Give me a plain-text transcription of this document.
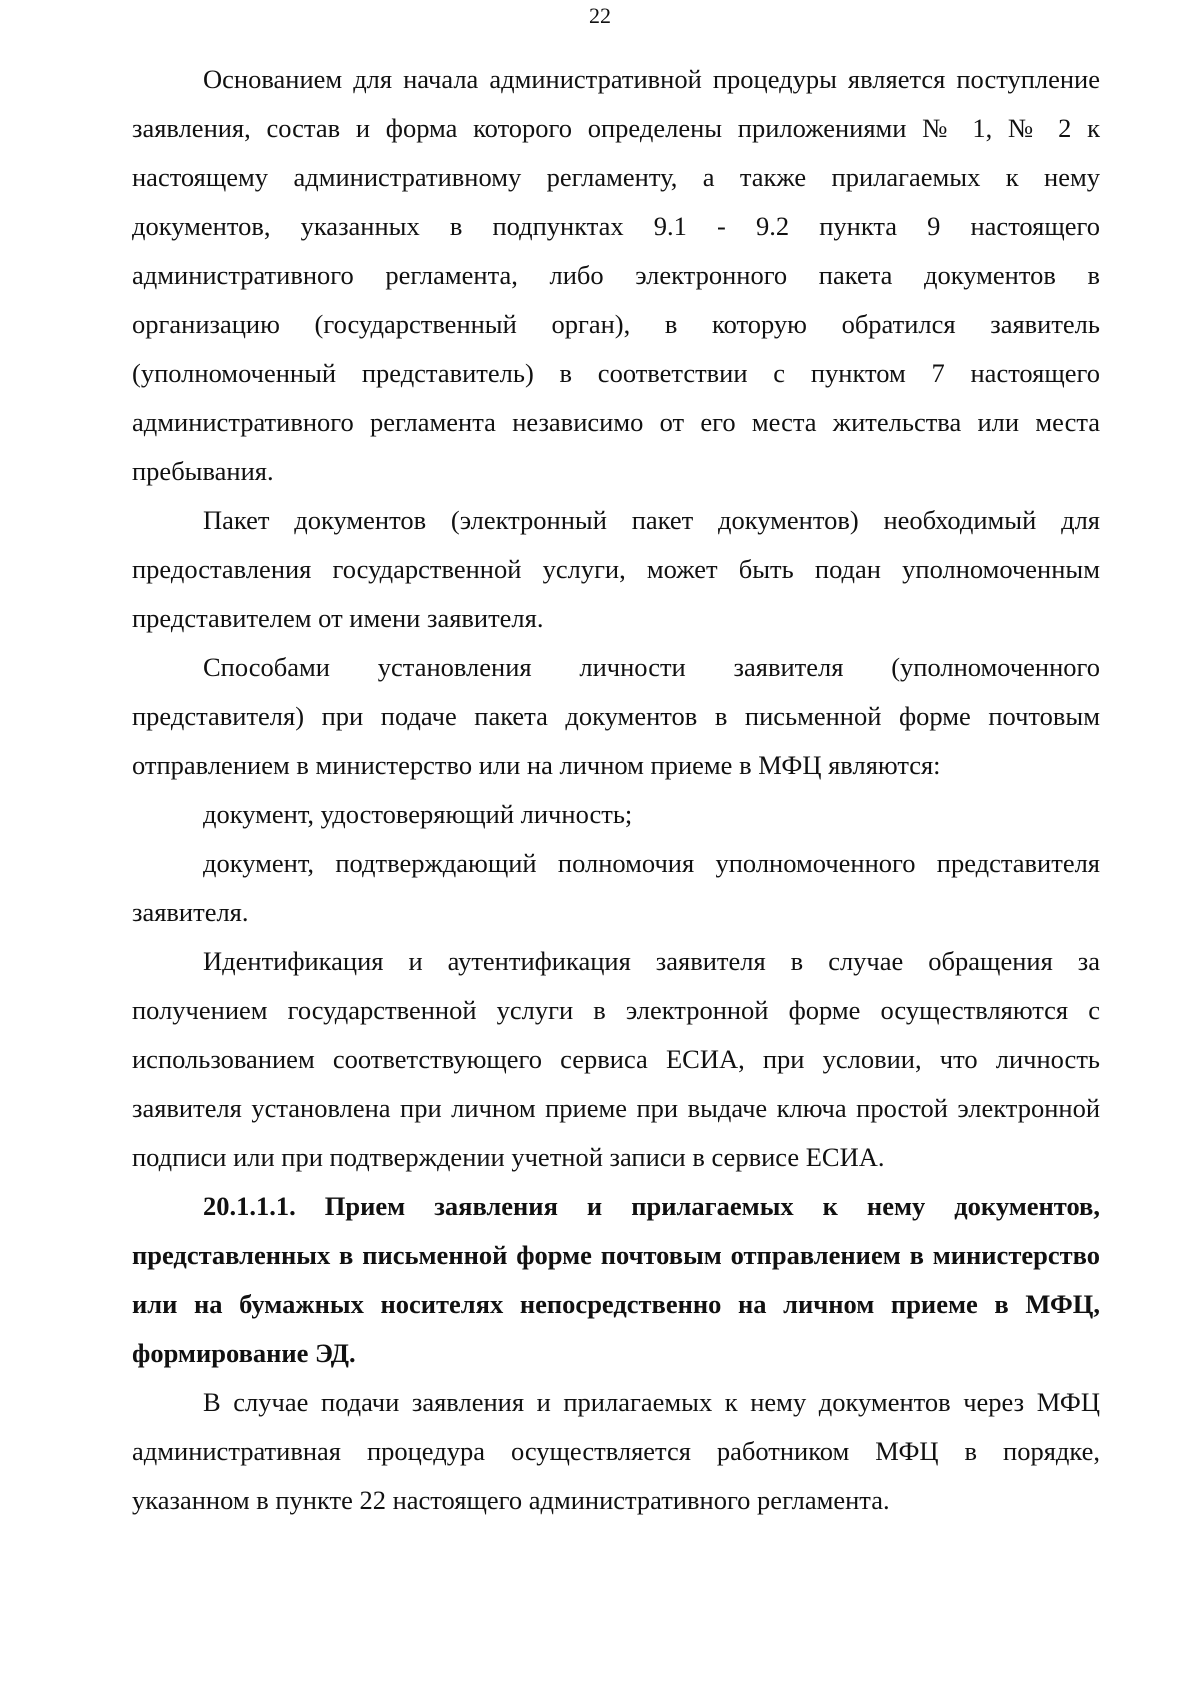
22

Основанием для начала административной процедуры является поступление заявления, состав и форма которого определены приложениями № 1, № 2 к настоящему административному регламенту, а также прилагаемых к нему документов, указанных в подпунктах 9.1 - 9.2 пункта 9 настоящего административного регламента, либо электронного пакета документов в организацию (государственный орган), в которую обратился заявитель (уполномоченный представитель) в соответствии с пунктом 7 настоящего административного регламента независимо от его места жительства или места пребывания.

Пакет документов (электронный пакет документов) необходимый для предоставления государственной услуги, может быть подан уполномоченным представителем от имени заявителя.

Способами установления личности заявителя (уполномоченного представителя) при подаче пакета документов в письменной форме почтовым отправлением в министерство или на личном приеме в МФЦ являются:

документ, удостоверяющий личность;

документ, подтверждающий полномочия уполномоченного представителя заявителя.

Идентификация и аутентификация заявителя в случае обращения за получением государственной услуги в электронной форме осуществляются с использованием соответствующего сервиса ЕСИА, при условии, что личность заявителя установлена при личном приеме при выдаче ключа простой электронной подписи или при подтверждении учетной записи в сервисе ЕСИА.

20.1.1.1. Прием заявления и прилагаемых к нему документов, представленных в письменной форме почтовым отправлением в министерство или на бумажных носителях непосредственно на личном приеме в МФЦ, формирование ЭД.

В случае подачи заявления и прилагаемых к нему документов через МФЦ административная процедура осуществляется работником МФЦ в порядке, указанном в пункте 22 настоящего административного регламента.
